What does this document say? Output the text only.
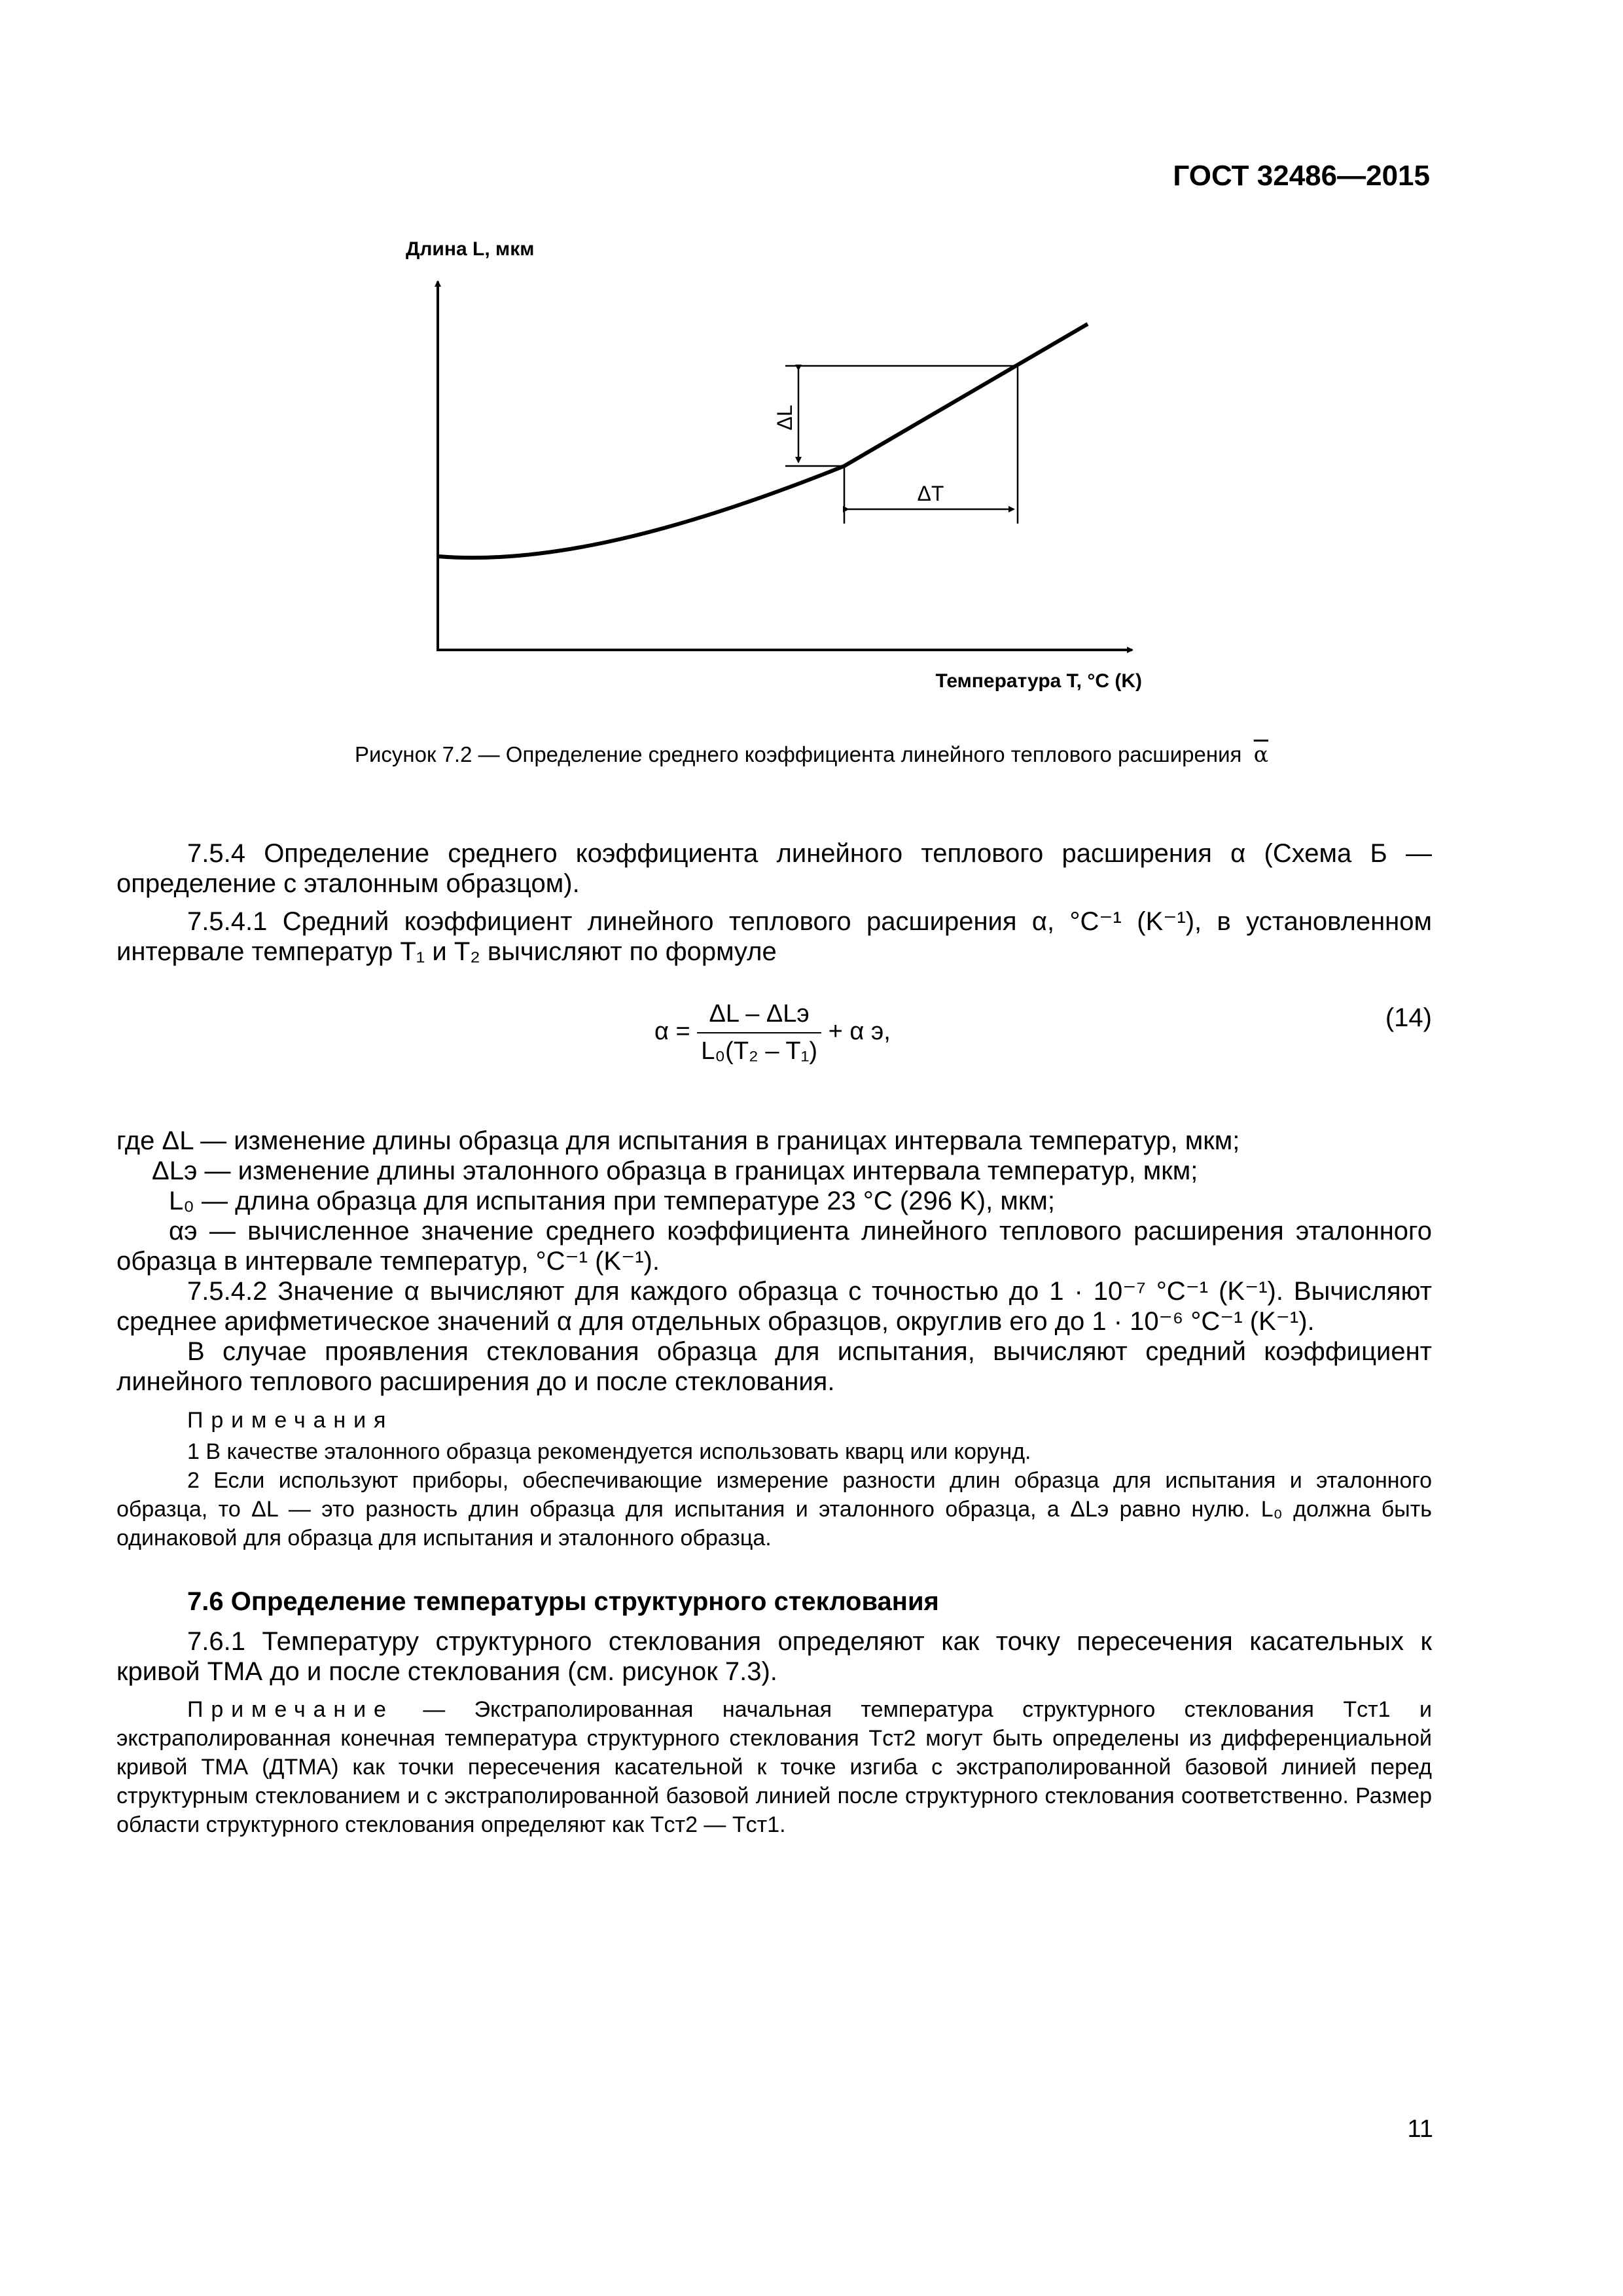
ГОСТ 32486—2015
Длина L, мкм
Температура T, °C (K)
ΔL
ΔT
Рисунок 7.2 — Определение среднего коэффициента линейного теплового расширения $\overline{\alpha}$

7.5.4 Определение среднего коэффициента линейного теплового расширения α (Схема Б — определение с эталонным образцом).

7.5.4.1 Средний коэффициент линейного теплового расширения α, °C⁻¹ (K⁻¹), в установленном интервале температур T₁ и T₂ вычисляют по формуле

$\alpha = \frac{\text{ΔL – ΔLэ}}{\text{L₀(T₂ – T₁)}} + \alpha$ э,	(14)

где ΔL — изменение длины образца для испытания в границах интервала температур, мкм;

ΔLэ — изменение длины эталонного образца в границах интервала температур, мкм;

L₀ — длина образца для испытания при температуре 23 °C (296 K), мкм;

αэ — вычисленное значение среднего коэффициента линейного теплового расширения эталонного образца в интервале температур, °C⁻¹ (K⁻¹).

7.5.4.2 Значение α вычисляют для каждого образца с точностью до 1 · 10⁻⁷ °C⁻¹ (K⁻¹). Вычисляют среднее арифметическое значений α для отдельных образцов, округлив его до 1 · 10⁻⁶ °C⁻¹ (K⁻¹).

В случае проявления стеклования образца для испытания, вычисляют средний коэффициент линейного теплового расширения до и после стеклования.

Примечания

1 В качестве эталонного образца рекомендуется использовать кварц или корунд.

2 Если используют приборы, обеспечивающие измерение разности длин образца для испытания и эталонного образца, то ΔL — это разность длин образца для испытания и эталонного образца, а ΔLэ равно нулю. L₀ должна быть одинаковой для образца для испытания и эталонного образца.

7.6 Определение температуры структурного стеклования

7.6.1 Температуру структурного стеклования определяют как точку пересечения касательных к кривой ТМА до и после стеклования (см. рисунок 7.3).

Примечание — Экстраполированная начальная температура структурного стеклования Tст1 и экстраполированная конечная температура структурного стеклования Tст2 могут быть определены из дифференциальной кривой ТМА (ДТМА) как точки пересечения касательной к точке изгиба с экстраполированной базовой линией перед структурным стеклованием и с экстраполированной базовой линией после структурного стеклования соответственно. Размер области структурного стеклования определяют как Tст2 — Tст1.

11
